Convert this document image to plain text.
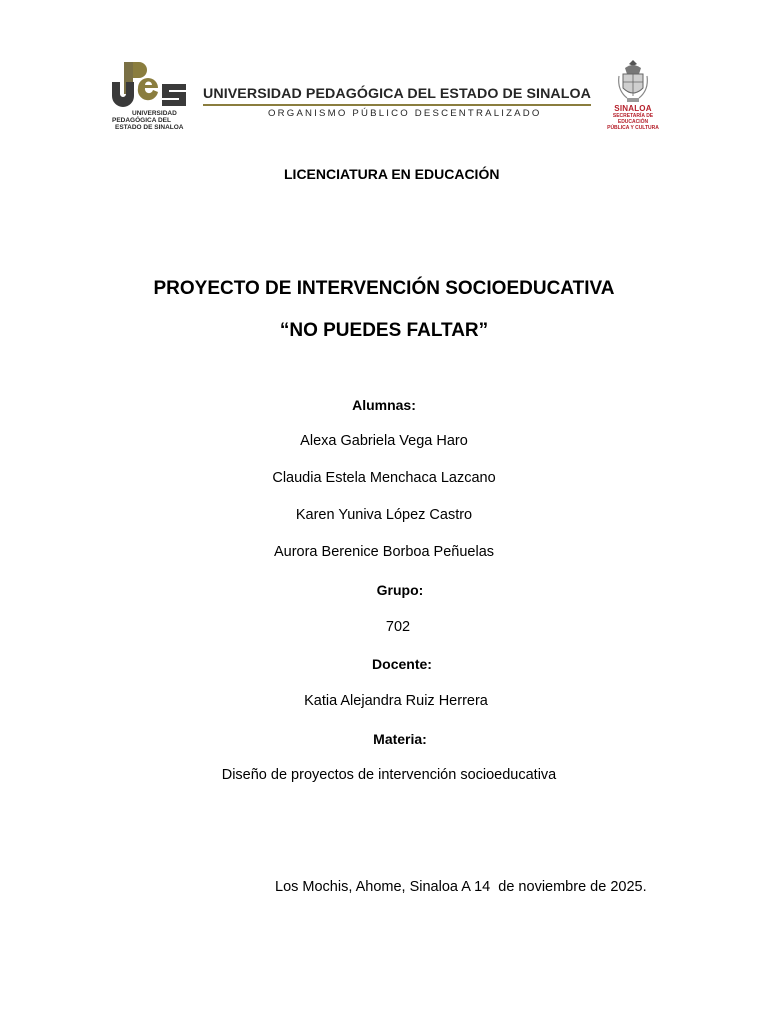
UNIVERSIDAD
PEDAGÓGICA DEL
ESTADO DE SINALOA
UNIVERSIDAD PEDAGÓGICA DEL ESTADO DE SINALOA
ORGANISMO PÚBLICO DESCENTRALIZADO	SINALOA
SECRETARÍA DE
EDUCACIÓN
PÚBLICA Y CULTURA
LICENCIATURA EN EDUCACIÓN
PROYECTO DE INTERVENCIÓN SOCIOEDUCATIVA
“NO PUEDES FALTAR”
Alumnas:
Alexa Gabriela Vega Haro
Claudia Estela Menchaca Lazcano
Karen Yuniva López Castro
Aurora Berenice Borboa Peñuelas
Grupo:
702
Docente:
Katia Alejandra Ruiz Herrera
Materia:
Diseño de proyectos de intervención socioeducativa
Los Mochis, Ahome, Sinaloa A 14  de noviembre de 2025.
